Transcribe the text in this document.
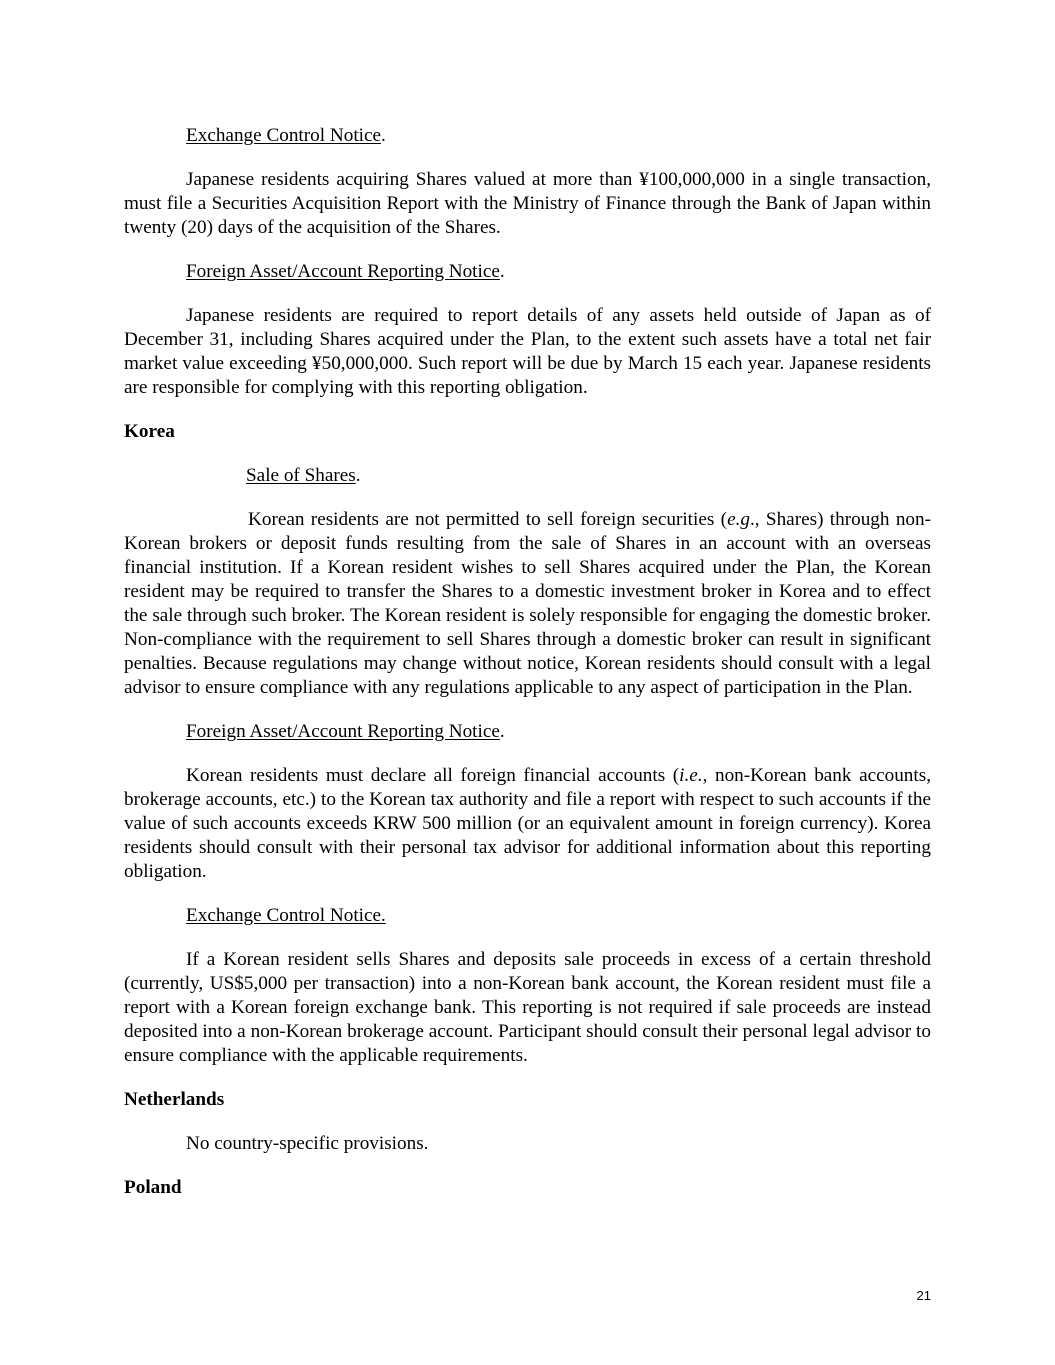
Exchange Control Notice.

Japanese residents acquiring Shares valued at more than ¥100,000,000 in a single transaction, must file a Securities Acquisition Report with the Ministry of Finance through the Bank of Japan within twenty (20) days of the acquisition of the Shares.

Foreign Asset/Account Reporting Notice.

Japanese residents are required to report details of any assets held outside of Japan as of December 31, including Shares acquired under the Plan, to the extent such assets have a total net fair market value exceeding ¥50,000,000. Such report will be due by March 15 each year. Japanese residents are responsible for complying with this reporting obligation.

Korea

Sale of Shares.

Korean residents are not permitted to sell foreign securities (e.g., Shares) through non-Korean brokers or deposit funds resulting from the sale of Shares in an account with an overseas financial institution. If a Korean resident wishes to sell Shares acquired under the Plan, the Korean resident may be required to transfer the Shares to a domestic investment broker in Korea and to effect the sale through such broker. The Korean resident is solely responsible for engaging the domestic broker. Non-compliance with the requirement to sell Shares through a domestic broker can result in significant penalties. Because regulations may change without notice, Korean residents should consult with a legal advisor to ensure compliance with any regulations applicable to any aspect of participation in the Plan.

Foreign Asset/Account Reporting Notice.

Korean residents must declare all foreign financial accounts (i.e., non-Korean bank accounts, brokerage accounts, etc.) to the Korean tax authority and file a report with respect to such accounts if the value of such accounts exceeds KRW 500 million (or an equivalent amount in foreign currency). Korea residents should consult with their personal tax advisor for additional information about this reporting obligation.

Exchange Control Notice.

If a Korean resident sells Shares and deposits sale proceeds in excess of a certain threshold (currently, US$5,000 per transaction) into a non-Korean bank account, the Korean resident must file a report with a Korean foreign exchange bank. This reporting is not required if sale proceeds are instead deposited into a non-Korean brokerage account. Participant should consult their personal legal advisor to ensure compliance with the applicable requirements.

Netherlands

No country-specific provisions.

Poland

21
